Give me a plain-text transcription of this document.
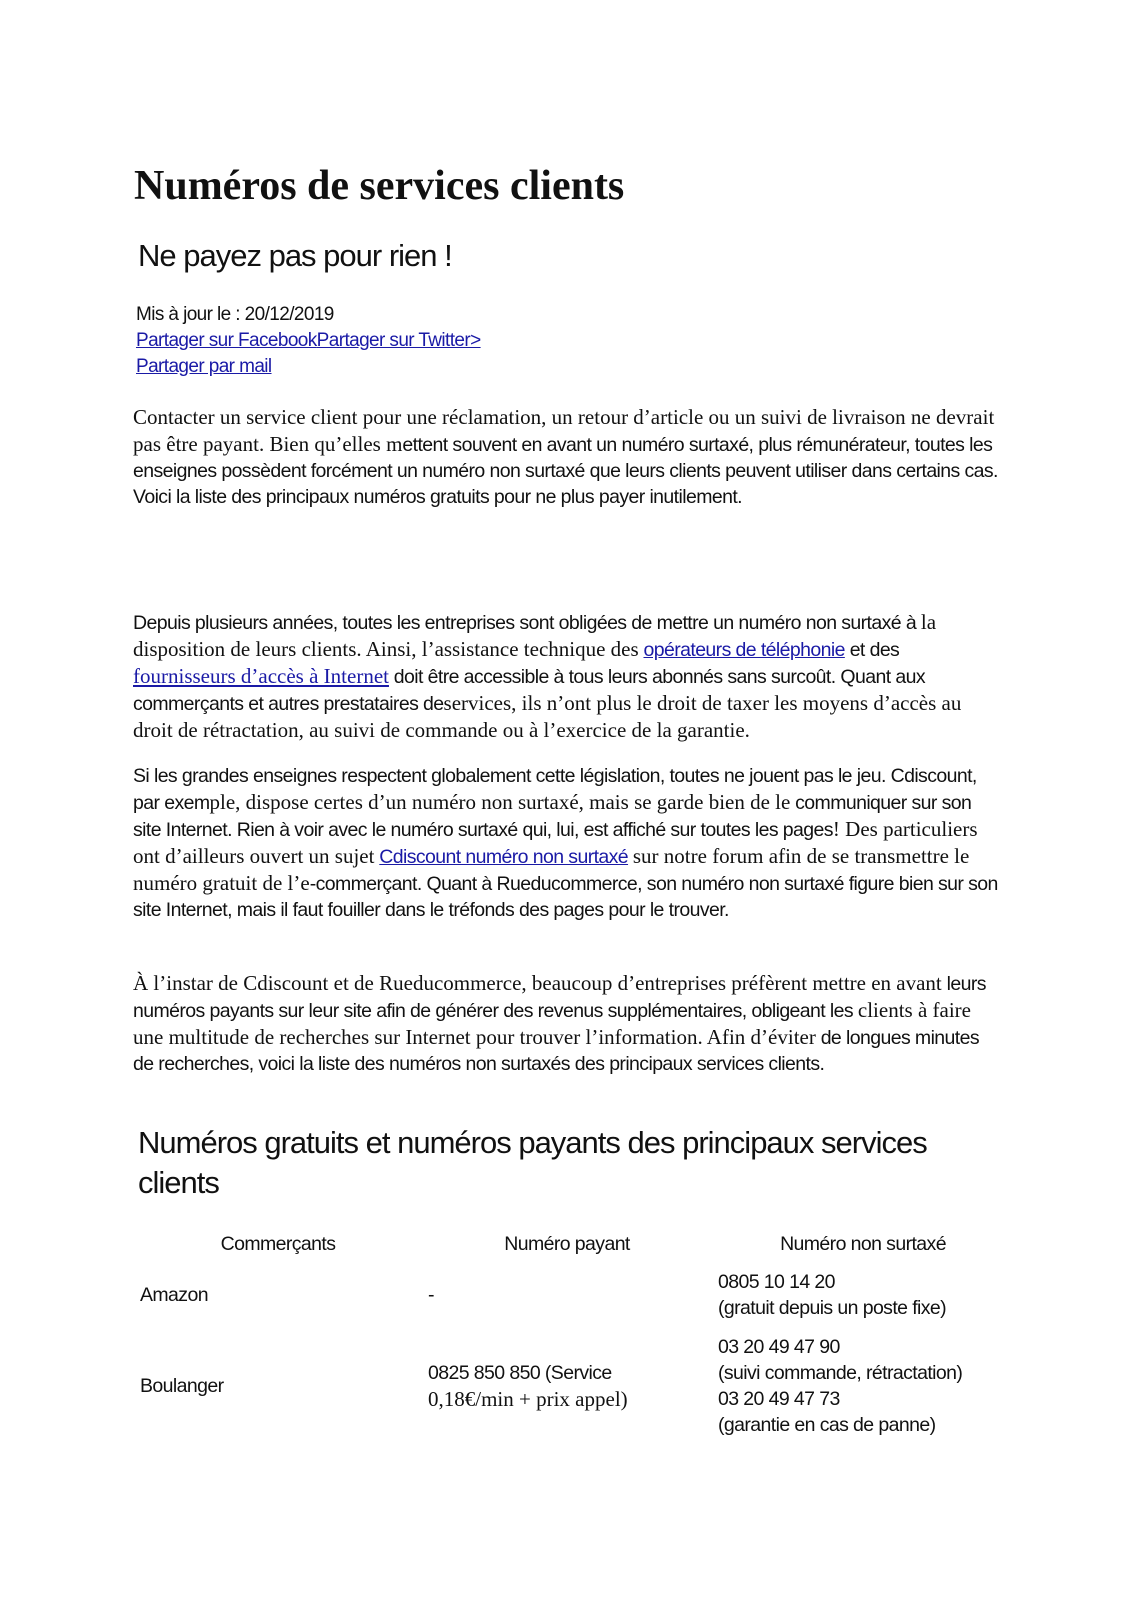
Numéros de services clients
Ne payez pas pour rien !
Mis à jour le : 20/12/2019
Partager sur FacebookPartager sur Twitter>
Partager par mail

Contacter un service client pour une réclamation, un retour d’article ou un suivi de livraison ne devrait pas être payant. Bien qu’elles mettent souvent en avant un numéro surtaxé, plus rémunérateur, toutes les enseignes possèdent forcément un numéro non surtaxé que leurs clients peuvent utiliser dans certains cas. Voici la liste des principaux numéros gratuits pour ne plus payer inutilement.

Depuis plusieurs années, toutes les entreprises sont obligées de mettre un numéro non surtaxé à la disposition de leurs clients. Ainsi, l’assistance technique des opérateurs de téléphonie et des fournisseurs d’accès à Internet doit être accessible à tous leurs abonnés sans surcoût. Quant aux commerçants et autres prestataires deservices, ils n’ont plus le droit de taxer les moyens d’accès au droit de rétractation, au suivi de commande ou à l’exercice de la garantie.

Si les grandes enseignes respectent globalement cette législation, toutes ne jouent pas le jeu. Cdiscount, par exemple, dispose certes d’un numéro non surtaxé, mais se garde bien de le communiquer sur son site Internet. Rien à voir avec le numéro surtaxé qui, lui, est affiché sur toutes les pages! Des particuliers ont d’ailleurs ouvert un sujet Cdiscount numéro non surtaxé sur notre forum afin de se transmettre le numéro gratuit de l’e-commerçant. Quant à Rueducommerce, son numéro non surtaxé figure bien sur son site Internet, mais il faut fouiller dans le tréfonds des pages pour le trouver.

À l’instar de Cdiscount et de Rueducommerce, beaucoup d’entreprises préfèrent mettre en avant leurs numéros payants sur leur site afin de générer des revenus supplémentaires, obligeant les clients à faire une multitude de recherches sur Internet pour trouver l’information. Afin d’éviter de longues minutes de recherches, voici la liste des numéros non surtaxés des principaux services clients.

Numéros gratuits et numéros payants des principaux services clients
Commerçants	Numéro payant	Numéro non surtaxé
Amazon	-	0805 10 14 20
(gratuit depuis un poste fixe)

Boulanger	0825 850 850 (Service
0,18€/min + prix appel)	03 20 49 47 90
(suivi commande, rétractation)
03 20 49 47 73
(garantie en cas de panne)
